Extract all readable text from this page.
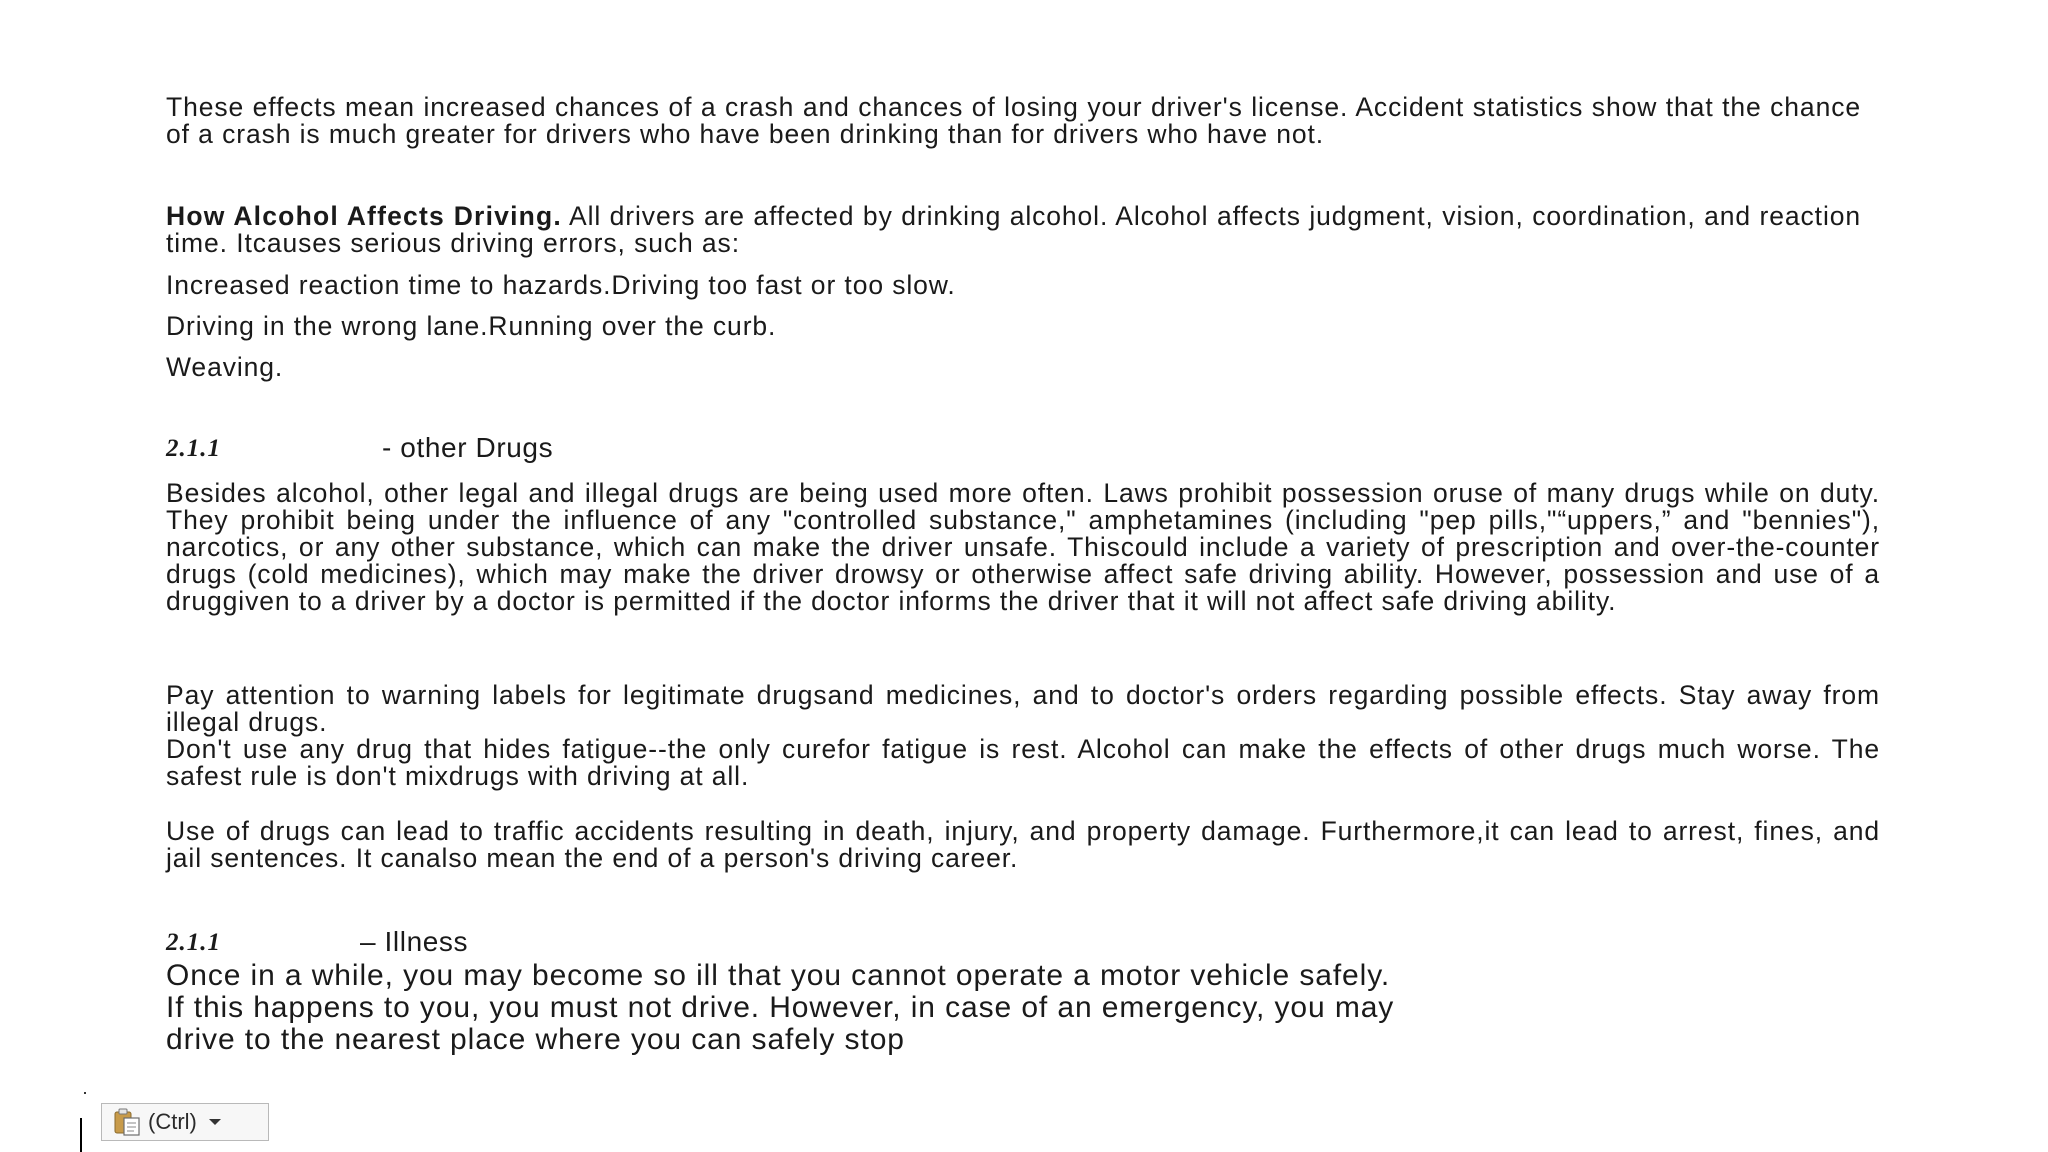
These effects mean increased chances of a crash and chances of losing your driver's license. Accident statistics show that the chance of a crash is much greater for drivers who have been drinking than for drivers who have not.

How Alcohol Affects Driving. All drivers are affected by drinking alcohol. Alcohol affects judgment, vision, coordination, and reaction time. Itcauses serious driving errors, such as:

Increased reaction time to hazards.Driving too fast or too slow.

Driving in the wrong lane.Running over the curb.

Weaving.

2.1.1	- other Drugs

Besides alcohol, other legal and illegal drugs are being used more often. Laws prohibit possession oruse of many drugs while on duty. They prohibit being under the influence of any "controlled substance," amphetamines (including "pep pills,"“uppers,” and "bennies"), narcotics, or any other substance, which can make the driver unsafe. Thiscould include a variety of prescription and over-the-counter drugs (cold medicines), which may make the driver drowsy or otherwise affect safe driving ability. However, possession and use of a druggiven to a driver by a doctor is permitted if the doctor informs the driver that it will not affect safe driving ability.

Pay attention to warning labels for legitimate drugsand medicines, and to doctor's orders regarding possible effects. Stay away from illegal drugs.

Don't use any drug that hides fatigue--the only curefor fatigue is rest. Alcohol can make the effects of other drugs much worse. The safest rule is don't mixdrugs with driving at all.

Use of drugs can lead to traffic accidents resulting in death, injury, and property damage. Furthermore,it can lead to arrest, fines, and jail sentences. It canalso mean the end of a person's driving career.

2.1.1	– Illness
Once in a while, you may become so ill that you cannot operate a motor vehicle safely.
If this happens to you, you must not drive. However, in case of an emergency, you may
drive to the nearest place where you can safely stop
(Ctrl)
